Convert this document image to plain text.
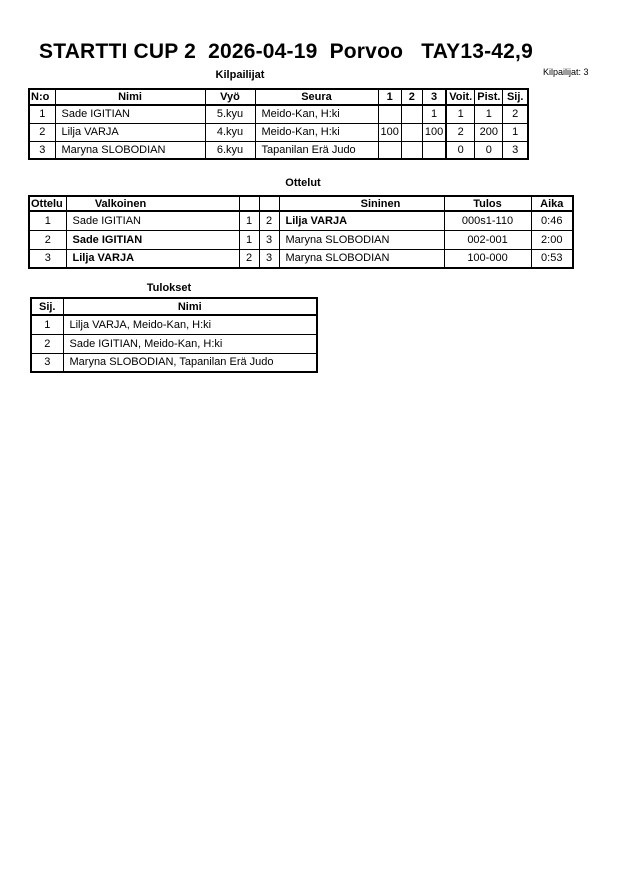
STARTTI CUP 2  2026-04-19  Porvoo   TAY13-42,9
Kilpailijat	Kilpailijat: 3
N:o	Nimi	Vyö	Seura	1	2	3	Voit.	Pist.	Sij.
1	Sade IGITIAN	5.kyu	Meido-Kan, H:ki			1	1	1	2
2	Lilja VARJA	4.kyu	Meido-Kan, H:ki	100		100	2	200	1
3	Maryna SLOBODIAN	6.kyu	Tapanilan Erä Judo				0	0	3
Ottelut
Ottelu	Valkoinen			Sininen	Tulos	Aika
1	Sade IGITIAN	1	2	Lilja VARJA	000s1-110	0:46
2	Sade IGITIAN	1	3	Maryna SLOBODIAN	002-001	2:00
3	Lilja VARJA	2	3	Maryna SLOBODIAN	100-000	0:53
Tulokset
Sij.	Nimi
1	Lilja VARJA, Meido-Kan, H:ki
2	Sade IGITIAN, Meido-Kan, H:ki
3	Maryna SLOBODIAN, Tapanilan Erä Judo
